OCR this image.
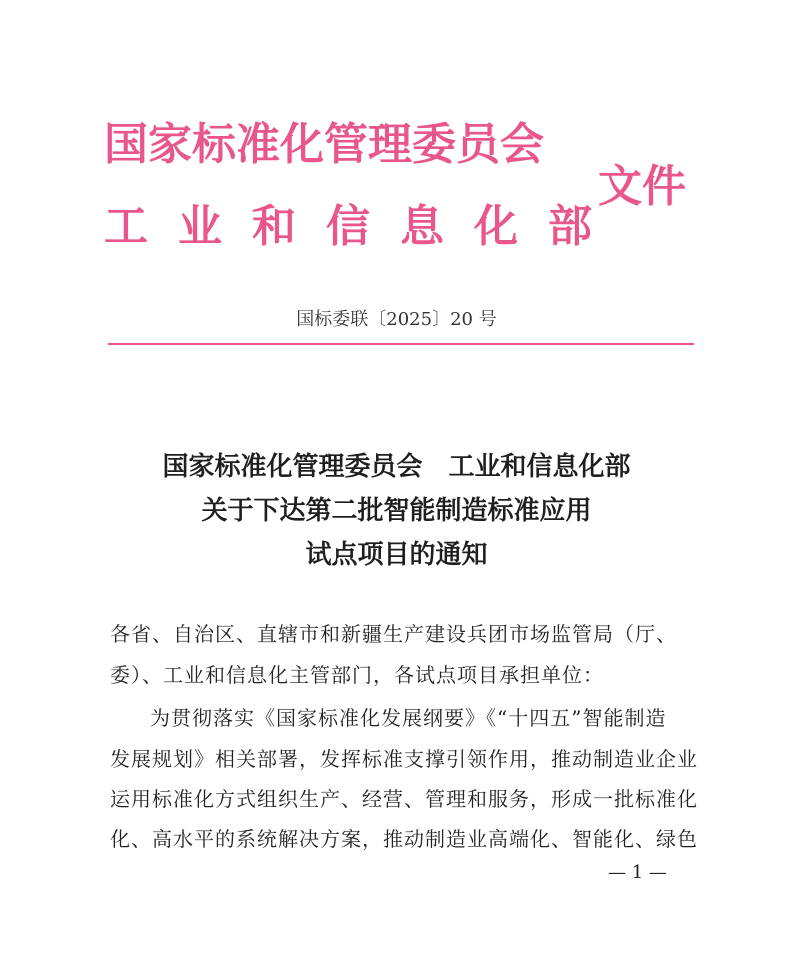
国家标准化管理委员会
工业和信息化部
文件
国标委联〔2025〕20 号
国家标准化管理委员会　工业和信息化部
关于下达第二批智能制造标准应用
试点项目的通知
各省、自治区、直辖市和新疆生产建设兵团市场监管局（厅、
委）、工业和信息化主管部门，各试点项目承担单位：
为贯彻落实《国家标准化发展纲要》《“十四五”智能制造
发展规划》相关部署，发挥标准支撑引领作用，推动制造业企业
运用标准化方式组织生产、经营、管理和服务，形成一批标准化
化、高水平的系统解决方案，推动制造业高端化、智能化、绿色
— 1 —
